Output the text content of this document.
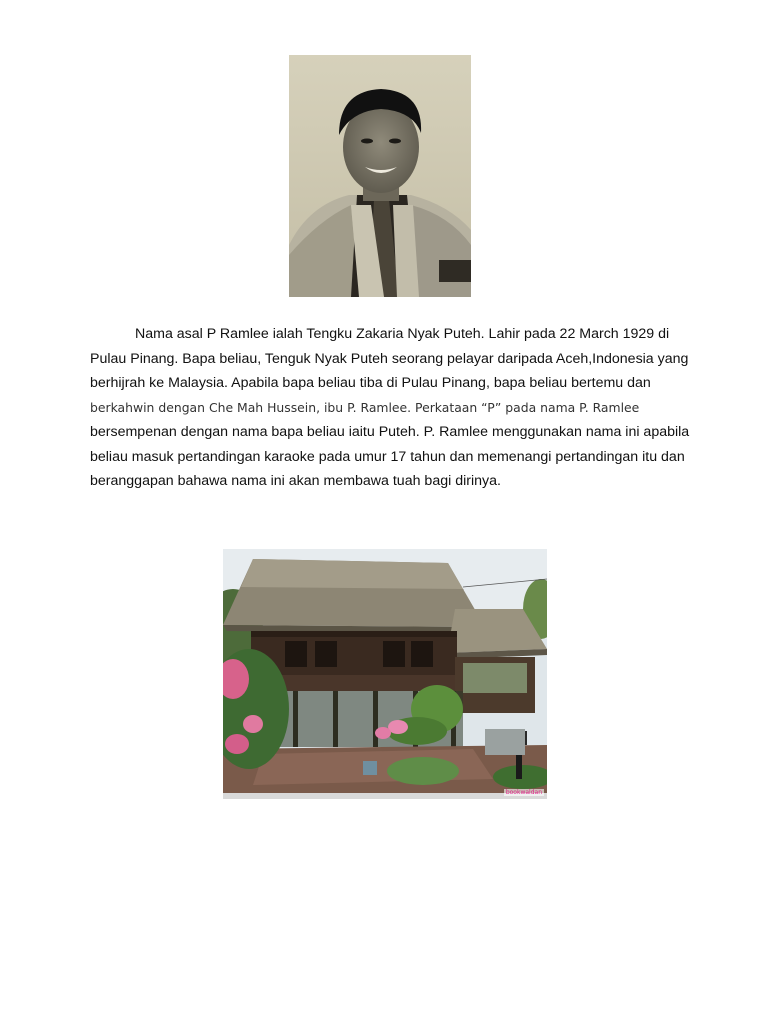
Nama asal P Ramlee ialah Tengku Zakaria Nyak Puteh. Lahir pada 22 March 1929 di
Pulau Pinang. Bapa beliau, Tenguk Nyak Puteh seorang pelayar daripada Aceh,Indonesia yang
berhijrah ke Malaysia. Apabila bapa beliau tiba di Pulau Pinang, bapa beliau bertemu dan
berkahwin dengan Che Mah Hussein, ibu P. Ramlee. Perkataan “P” pada nama P. Ramlee
bersempenan dengan nama bapa beliau iaitu Puteh. P. Ramlee menggunakan nama ini apabila
beliau masuk pertandingan karaoke pada umur 17 tahun dan memenangi pertandingan itu dan
beranggapan bahawa nama ini akan membawa tuah bagi dirinya.

bookwaldan
